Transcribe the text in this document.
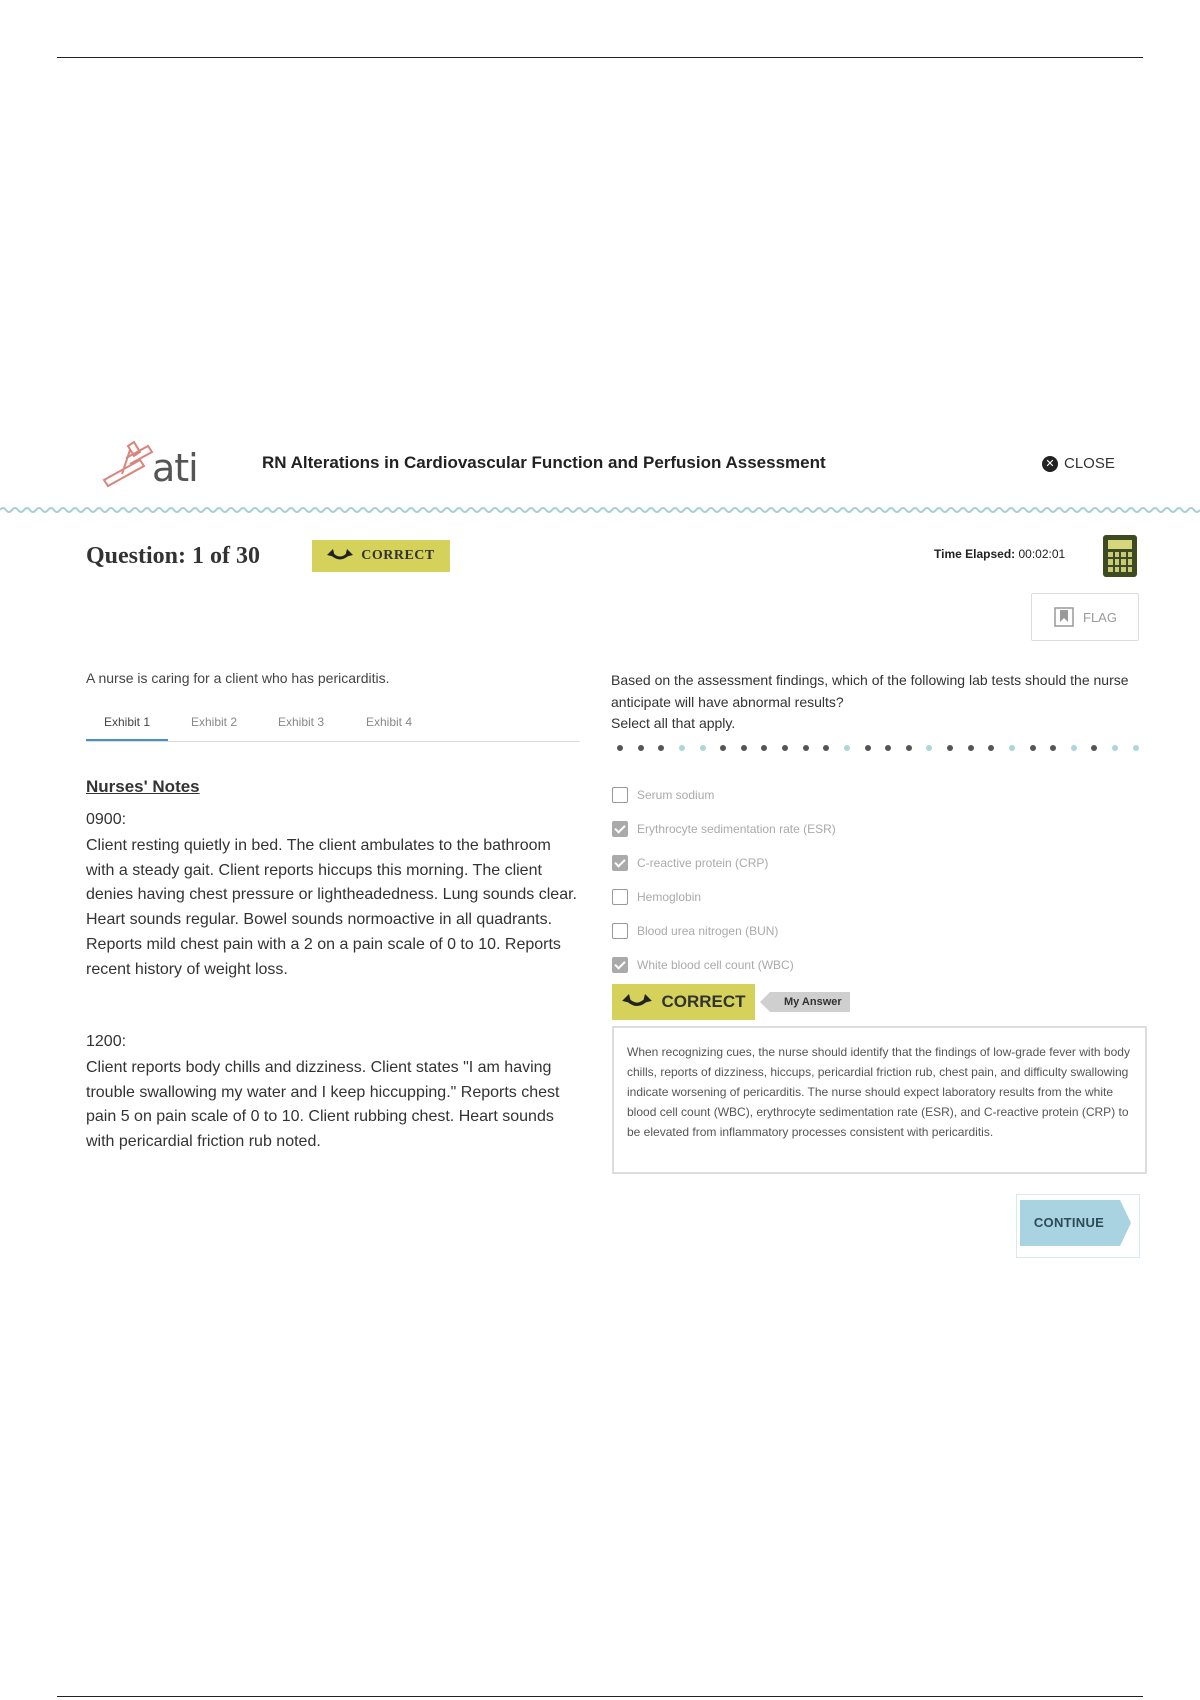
ati	RN Alterations in Cardiovascular Function and Perfusion Assessment	✕ CLOSE
Question: 1 of 30	CORRECT	Time Elapsed: 00:02:01
FLAG
A nurse is caring for a client who has pericarditis.
Exhibit 1	Exhibit 2	Exhibit 3	Exhibit 4
Nurses' Notes
0900:
Client resting quietly in bed. The client ambulates to the bathroom with a steady gait. Client reports hiccups this morning. The client denies having chest pressure or lightheadedness. Lung sounds clear. Heart sounds regular. Bowel sounds normoactive in all quadrants. Reports mild chest pain with a 2 on a pain scale of 0 to 10. Reports recent history of weight loss.
1200:
Client reports body chills and dizziness. Client states "I am having trouble swallowing my water and I keep hiccupping." Reports chest pain 5 on pain scale of 0 to 10. Client rubbing chest. Heart sounds with pericardial friction rub noted.
Based on the assessment findings, which of the following lab tests should the nurse anticipate will have abnormal results?
Select all that apply.
Serum sodium
Erythrocyte sedimentation rate (ESR)
C-reactive protein (CRP)
Hemoglobin
Blood urea nitrogen (BUN)
White blood cell count (WBC)
CORRECT	My Answer
When recognizing cues, the nurse should identify that the findings of low-grade fever with body chills, reports of dizziness, hiccups, pericardial friction rub, chest pain, and difficulty swallowing indicate worsening of pericarditis. The nurse should expect laboratory results from the white blood cell count (WBC), erythrocyte sedimentation rate (ESR), and C-reactive protein (CRP) to be elevated from inflammatory processes consistent with pericarditis.
CONTINUE
